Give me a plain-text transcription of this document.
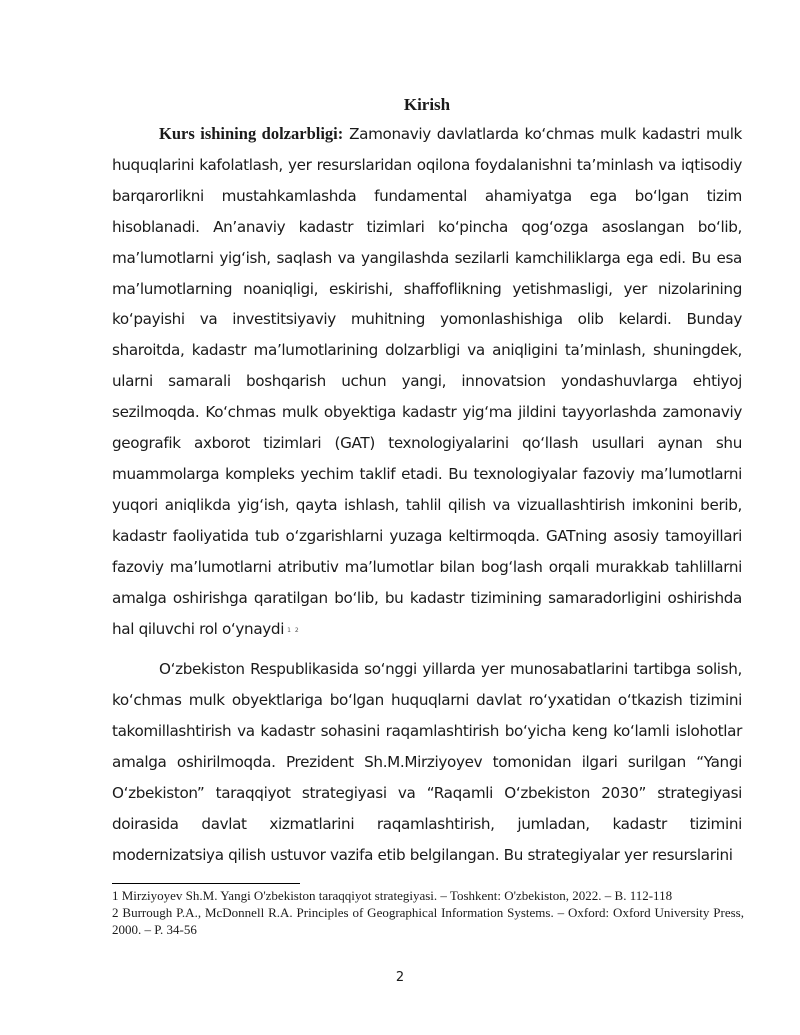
Kirish

Kurs ishining dolzarbligi: Zamonaviy davlatlarda ko‘chmas mulk kadastri mulk huquqlarini kafolatlash, yer resurslaridan oqilona foydalanishni ta’minlash va iqtisodiy barqarorlikni mustahkamlashda fundamental ahamiyatga ega bo‘lgan tizim hisoblanadi. An’anaviy kadastr tizimlari ko‘pincha qog‘ozga asoslangan bo‘lib, ma’lumotlarni yig‘ish, saqlash va yangilashda sezilarli kamchiliklarga ega edi. Bu esa ma’lumotlarning noaniqligi, eskirishi, shaffoflikning yetishmasligi, yer nizolarining ko‘payishi va investitsiyaviy muhitning yomonlashishiga olib kelardi. Bunday sharoitda, kadastr ma’lumotlarining dolzarbligi va aniqligini ta’minlash, shuningdek, ularni samarali boshqarish uchun yangi, innovatsion yondashuvlarga ehtiyoj sezilmoqda. Ko‘chmas mulk obyektiga kadastr yig‘ma jildini tayyorlashda zamonaviy geografik axborot tizimlari (GAT) texnologiyalarini qo‘llash usullari aynan shu muammolarga kompleks yechim taklif etadi. Bu texnologiyalar fazoviy ma’lumotlarni yuqori aniqlikda yig‘ish, qayta ishlash, tahlil qilish va vizuallashtirish imkonini berib, kadastr faoliyatida tub o‘zgarishlarni yuzaga keltirmoqda. GATning asosiy tamoyillari fazoviy ma’lumotlarni atributiv ma’lumotlar bilan bog‘lash orqali murakkab tahlillarni amalga oshirishga qaratilgan bo‘lib, bu kadastr tizimining samaradorligini oshirishda hal qiluvchi rol o‘ynaydi $^{1 2}$

O‘zbekiston Respublikasida so‘nggi yillarda yer munosabatlarini tartibga solish, ko‘chmas mulk obyektlariga bo‘lgan huquqlarni davlat ro‘yxatidan o‘tkazish tizimini takomillashtirish va kadastr sohasini raqamlashtirish bo‘yicha keng ko‘lamli islohotlar amalga oshirilmoqda. Prezident Sh.M.Mirziyoyev tomonidan ilgari surilgan “Yangi O‘zbekiston” taraqqiyot strategiyasi va “Raqamli O‘zbekiston 2030” strategiyasi doirasida davlat xizmatlarini raqamlashtirish, jumladan, kadastr tizimini modernizatsiya qilish ustuvor vazifa etib belgilangan. Bu strategiyalar yer resurslarini

1 Mirziyoyev Sh.M. Yangi O'zbekiston taraqqiyot strategiyasi. – Toshkent: O'zbekiston, 2022. – B. 112-118
2 Burrough P.A., McDonnell R.A. Principles of Geographical Information Systems. – Oxford: Oxford University Press, 2000. – P. 34-56
2
